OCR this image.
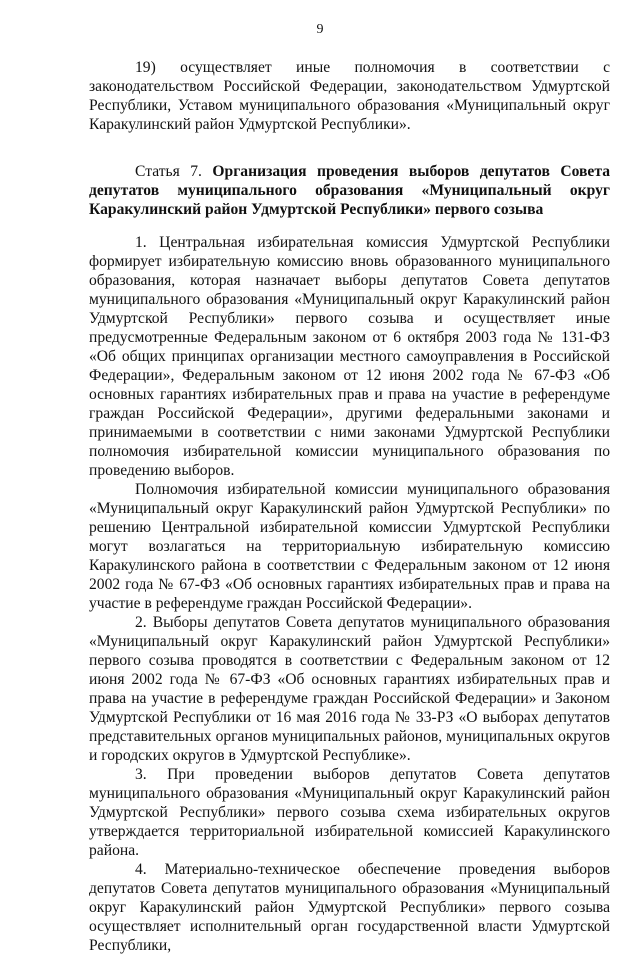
9

19) осуществляет иные полномочия в соответствии с законодательством Российской Федерации, законодательством Удмуртской Республики, Уставом муниципального образования «Муниципальный округ Каракулинский район Удмуртской Республики».

Статья 7. Организация проведения выборов депутатов Совета депутатов муниципального образования «Муниципальный округ Каракулинский район Удмуртской Республики» первого созыва

1. Центральная избирательная комиссия Удмуртской Республики формирует избирательную комиссию вновь образованного муниципального образования, которая назначает выборы депутатов Совета депутатов муниципального образования «Муниципальный округ Каракулинский район Удмуртской Республики» первого созыва и осуществляет иные предусмотренные Федеральным законом от 6 октября 2003 года № 131-ФЗ «Об общих принципах организации местного самоуправления в Российской Федерации», Федеральным законом от 12 июня 2002 года № 67-ФЗ «Об основных гарантиях избирательных прав и права на участие в референдуме граждан Российской Федерации», другими федеральными законами и принимаемыми в соответствии с ними законами Удмуртской Республики полномочия избирательной комиссии муниципального образования по проведению выборов.

Полномочия избирательной комиссии муниципального образования «Муниципальный округ Каракулинский район Удмуртской Республики» по решению Центральной избирательной комиссии Удмуртской Республики могут возлагаться на территориальную избирательную комиссию Каракулинского района в соответствии с Федеральным законом от 12 июня 2002 года № 67-ФЗ «Об основных гарантиях избирательных прав и права на участие в референдуме граждан Российской Федерации».

2. Выборы депутатов Совета депутатов муниципального образования «Муниципальный округ Каракулинский район Удмуртской Республики» первого созыва проводятся в соответствии с Федеральным законом от 12 июня 2002 года № 67-ФЗ «Об основных гарантиях избирательных прав и права на участие в референдуме граждан Российской Федерации» и Законом Удмуртской Республики от 16 мая 2016 года № 33-РЗ «О выборах депутатов представительных органов муниципальных районов, муниципальных округов и городских округов в Удмуртской Республике».

3. При проведении выборов депутатов Совета депутатов муниципального образования «Муниципальный округ Каракулинский район Удмуртской Республики» первого созыва схема избирательных округов утверждается территориальной избирательной комиссией Каракулинского района.

4. Материально-техническое обеспечение проведения выборов депутатов Совета депутатов муниципального образования «Муниципальный округ Каракулинский район Удмуртской Республики» первого созыва осуществляет исполнительный орган государственной власти Удмуртской Республики,
